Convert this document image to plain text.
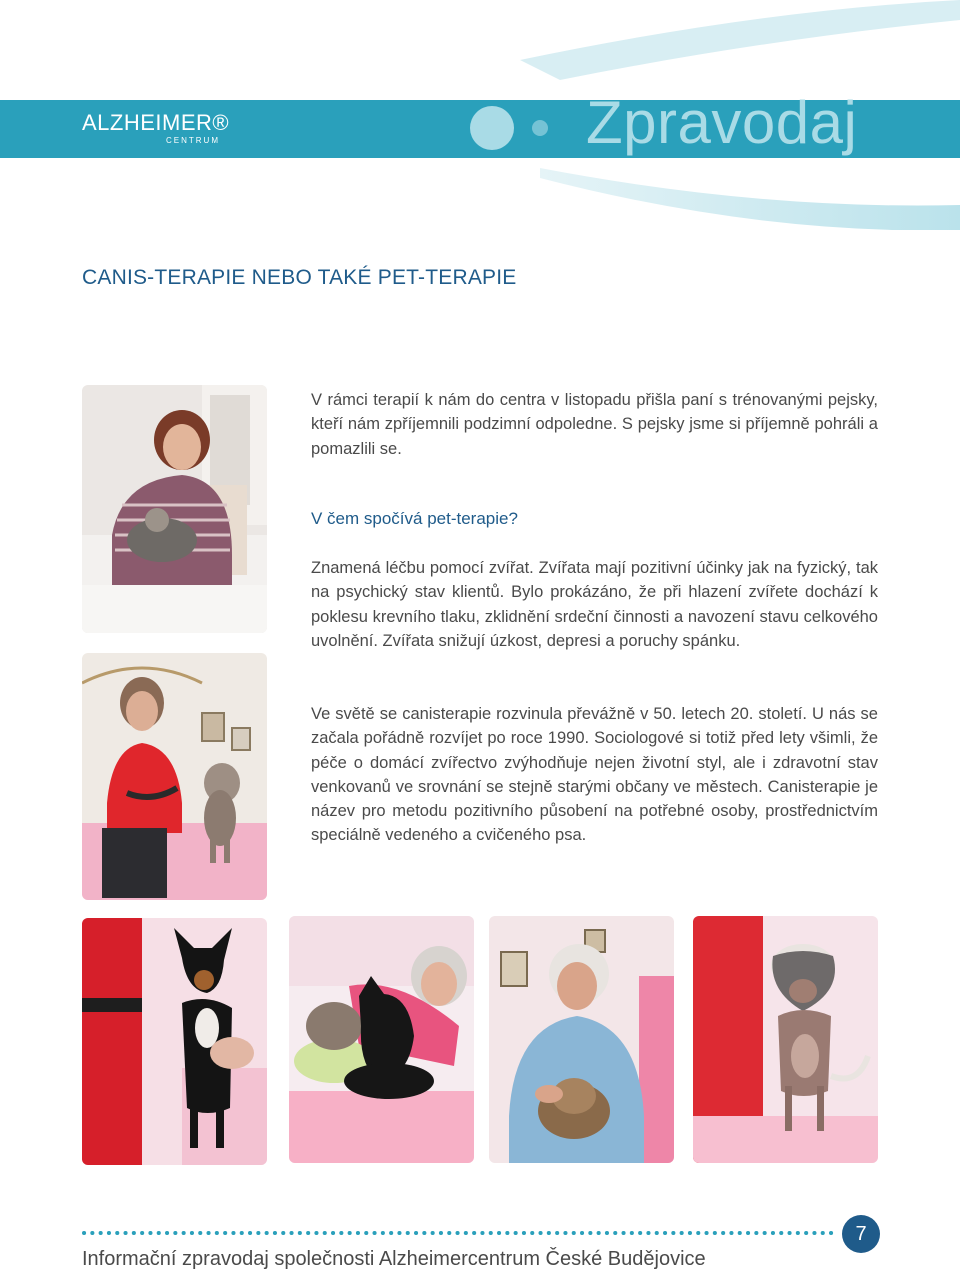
ALZHEIMER®
CENTRUM	Zpravodaj
CANIS-TERAPIE NEBO TAKÉ PET-TERAPIE

V rámci terapií k nám do centra v listopadu přišla paní s trénovanými pejsky, kteří nám zpříjemnili podzimní odpoledne. S pejsky jsme si příjemně pohráli a pomazlili se.

V čem spočívá pet-terapie?

Znamená léčbu pomocí zvířat. Zvířata mají pozitivní účinky jak na fyzický, tak na psychický stav klientů. Bylo prokázáno, že při hlazení zvířete dochází k poklesu krevního tlaku, zklidnění srdeční činnosti a navození stavu celkového uvolnění. Zvířata snižují úzkost, depresi a poruchy spánku.

Ve světě se canisterapie rozvinula převážně v 50. letech 20. století. U nás se začala pořádně rozvíjet po roce 1990. Sociologové si totiž před lety všimli, že péče o domácí zvířectvo zvýhodňuje nejen životní styl, ale i zdravotní stav venkovanů ve srovnání se stejně starými občany ve městech. Canisterapie je název pro metodu pozitivního působení na potřebné osoby, prostřednictvím speciálně vedeného a cvičeného psa.

7
Informační zpravodaj společnosti Alzheimercentrum České Budějovice
